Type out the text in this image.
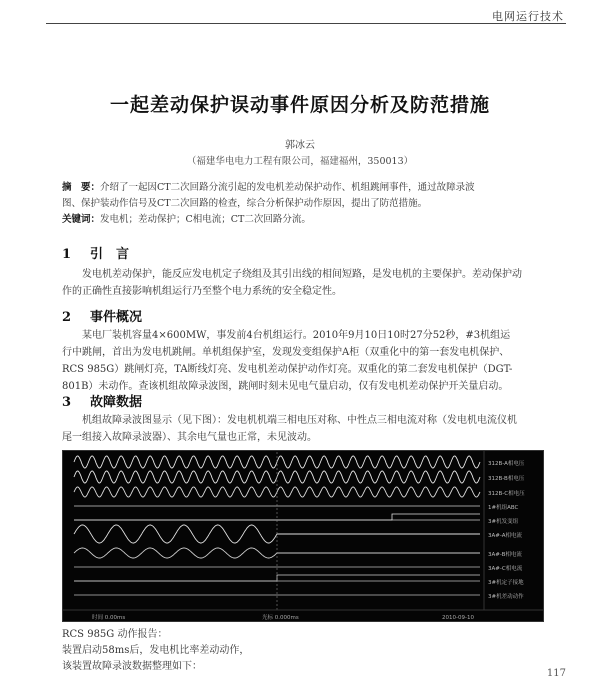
电网运行技术
一起差动保护误动事件原因分析及防范措施
郭冰云
（福建华电电力工程有限公司，福建福州，350013）
摘　要：介绍了一起因CT二次回路分流引起的发电机差动保护动作、机组跳闸事件，通过故障录波
图、保护装动作信号及CT二次回路的检查，综合分析保护动作原因，提出了防范措施。
关键词：发电机；差动保护；C相电流；CT二次回路分流。
1 引　言
发电机差动保护，能反应发电机定子绕组及其引出线的相间短路，是发电机的主要保护。差动保护动
作的正确性直接影响机组运行乃至整个电力系统的安全稳定性。
2 事件概况
某电厂装机容量4×600MW，事发前4台机组运行。2010年9月10日10时27分52秒，#3机组运
行中跳闸，首出为发电机跳闸。单机组保护室，发现发变组保护A柜（双重化中的第一套发电机保护、
RCS 985G）跳闸灯亮，TA断线灯亮、发电机差动保护动作灯亮。双重化的第二套发电机保护（DGT-
801B）未动作。查该机组故障录波图，跳闸时刻未见电气量启动，仅有发电机差动保护开关量启动。
3 故障数据
机组故障录波图显示（见下图）：发电机机端三相电压对称、中性点三相电流对称（发电机电流仪机
尾一组接入故障录波器）、其余电气量也正常，未见波动。
312B-A相电压
312B-B相电压
312B-C相电压
1#机组ABC
3#机发变组
3A#-A相电流
3A#-B相电流
3A#-C相电流
3#机定子接地
3#机差动动作
时间 0.00ms	光标 0.000ms	2010-09-10
RCS 985G 动作报告：
装置启动58ms后，发电机比率差动动作，
该装置故障录波数据整理如下：
117
